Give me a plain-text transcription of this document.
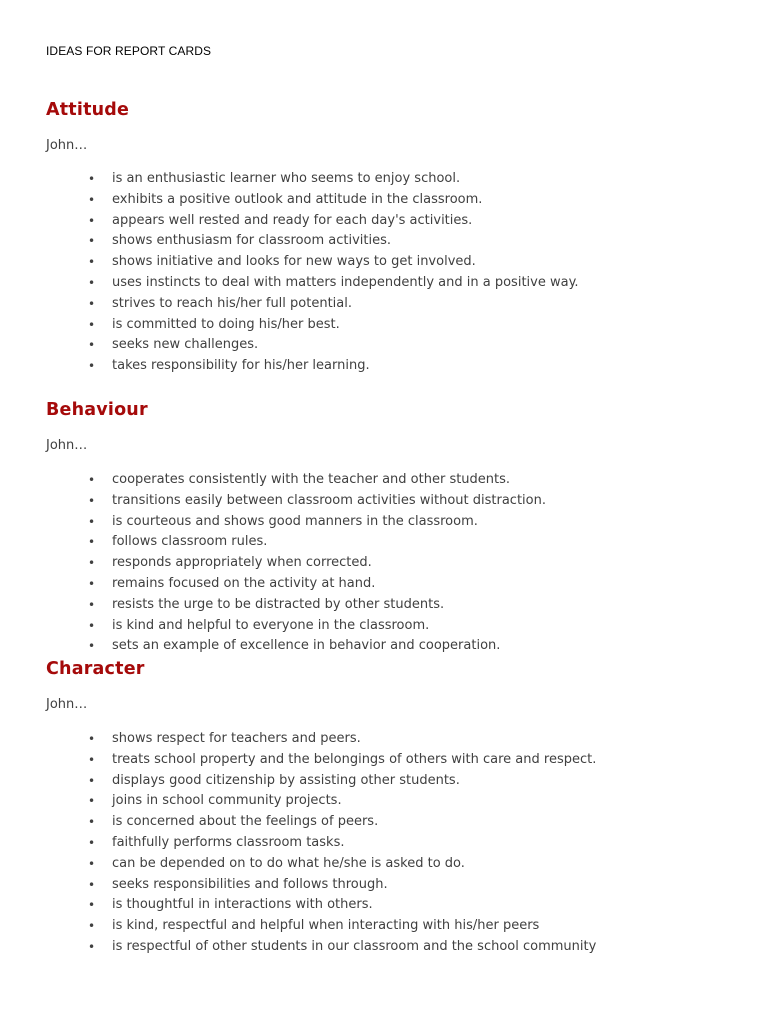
IDEAS FOR REPORT CARDS
Attitude

John…

• is an enthusiastic learner who seems to enjoy school.
• exhibits a positive outlook and attitude in the classroom.
• appears well rested and ready for each day's activities.
• shows enthusiasm for classroom activities.
• shows initiative and looks for new ways to get involved.
• uses instincts to deal with matters independently and in a positive way.
• strives to reach his/her full potential.
• is committed to doing his/her best.
• seeks new challenges.
• takes responsibility for his/her learning.
Behaviour

John…

• cooperates consistently with the teacher and other students.
• transitions easily between classroom activities without distraction.
• is courteous and shows good manners in the classroom.
• follows classroom rules.
• responds appropriately when corrected.
• remains focused on the activity at hand.
• resists the urge to be distracted by other students.
• is kind and helpful to everyone in the classroom.
• sets an example of excellence in behavior and cooperation.
Character

John…

• shows respect for teachers and peers.
• treats school property and the belongings of others with care and respect.
• displays good citizenship by assisting other students.
• joins in school community projects.
• is concerned about the feelings of peers.
• faithfully performs classroom tasks.
• can be depended on to do what he/she is asked to do.
• seeks responsibilities and follows through.
• is thoughtful in interactions with others.
• is kind, respectful and helpful when interacting with his/her peers
• is respectful of other students in our classroom and the school community
